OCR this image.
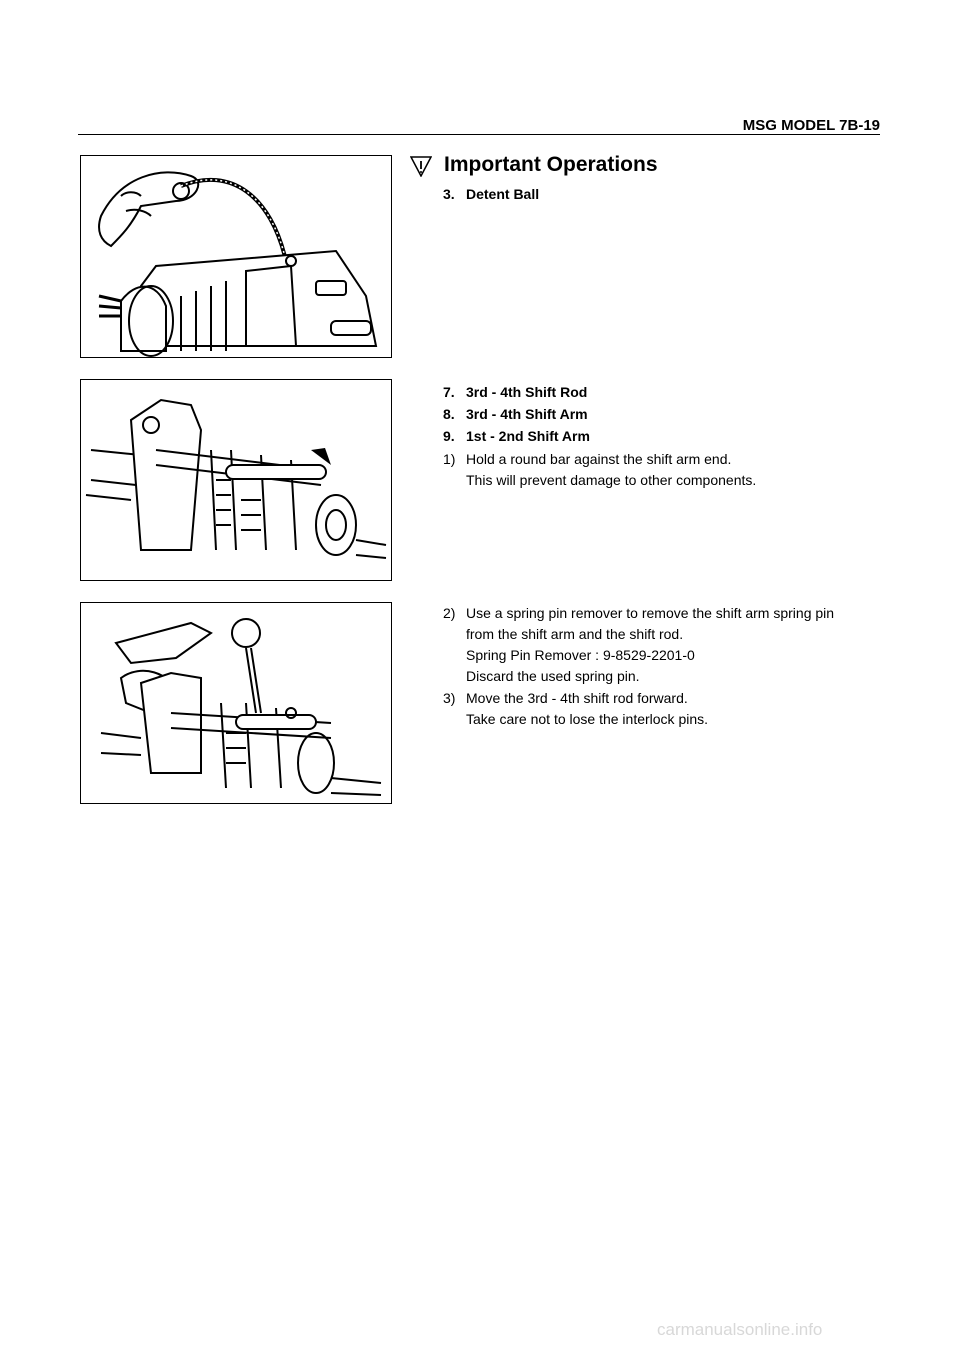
MSG MODEL 7B-19
Important Operations
3. Detent Ball
7. 3rd - 4th Shift Rod
8. 3rd - 4th Shift Arm
9. 1st - 2nd Shift Arm
1) Hold a round bar against the shift arm end.
This will prevent damage to other components.
2) Use a spring pin remover to remove the shift arm spring pin
from the shift arm and the shift rod.
Spring Pin Remover : 9-8529-2201-0
Discard the used spring pin.
3) Move the 3rd - 4th shift rod forward.
Take care not to lose the interlock pins.
carmanualsonline.info
